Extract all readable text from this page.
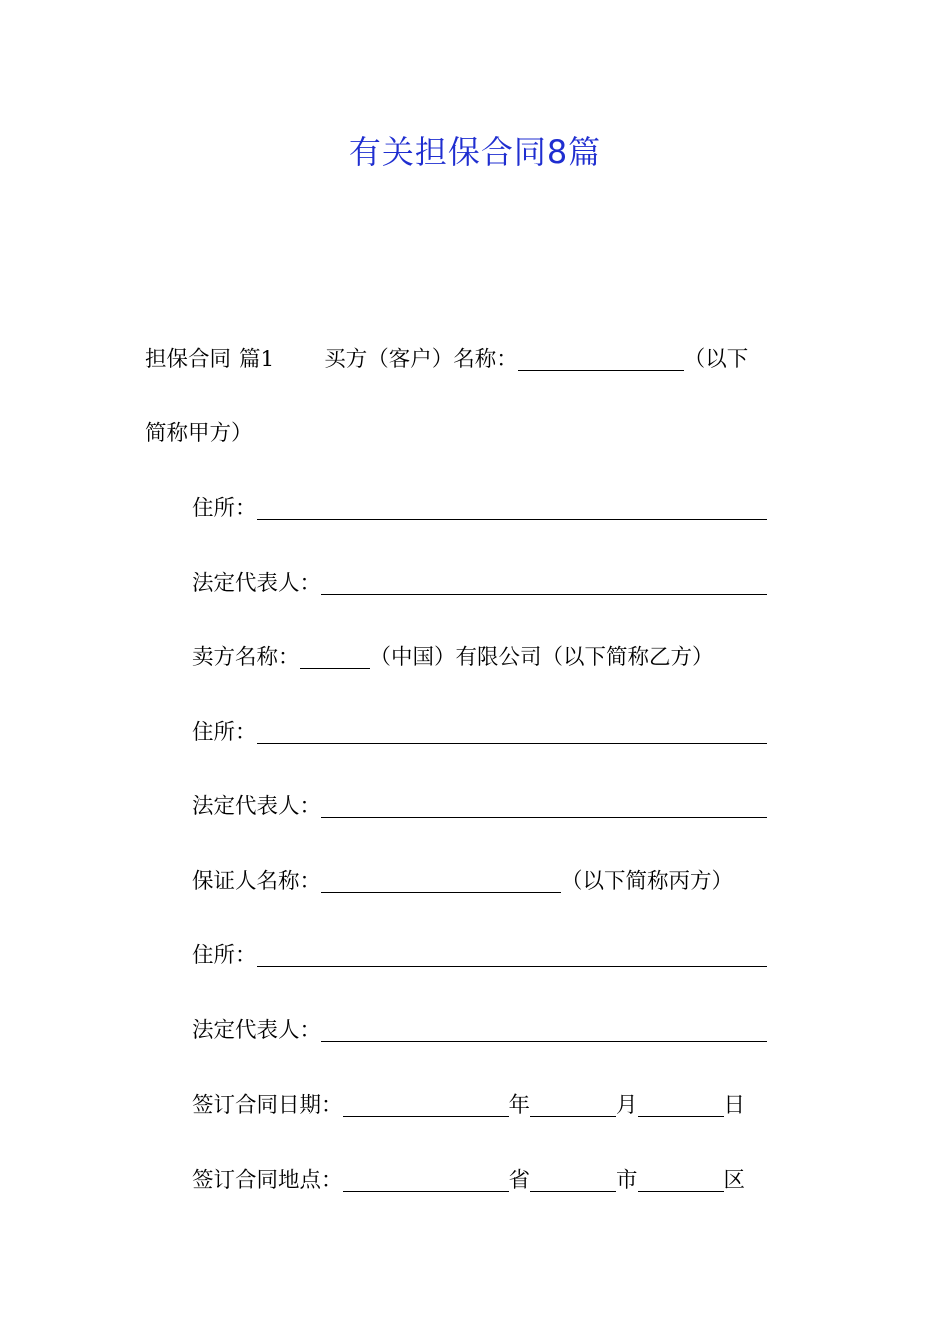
有关担保合同8篇
担保合同 篇1 买方（客户）名称：	（以下
简称甲方）
住所：
法定代表人：
卖方名称：	（中国）有限公司（以下简称乙方）
住所：
法定代表人：
保证人名称：	（以下简称丙方）
住所：
法定代表人：
签订合同日期：	年	月	日
签订合同地点：	省	市	区
